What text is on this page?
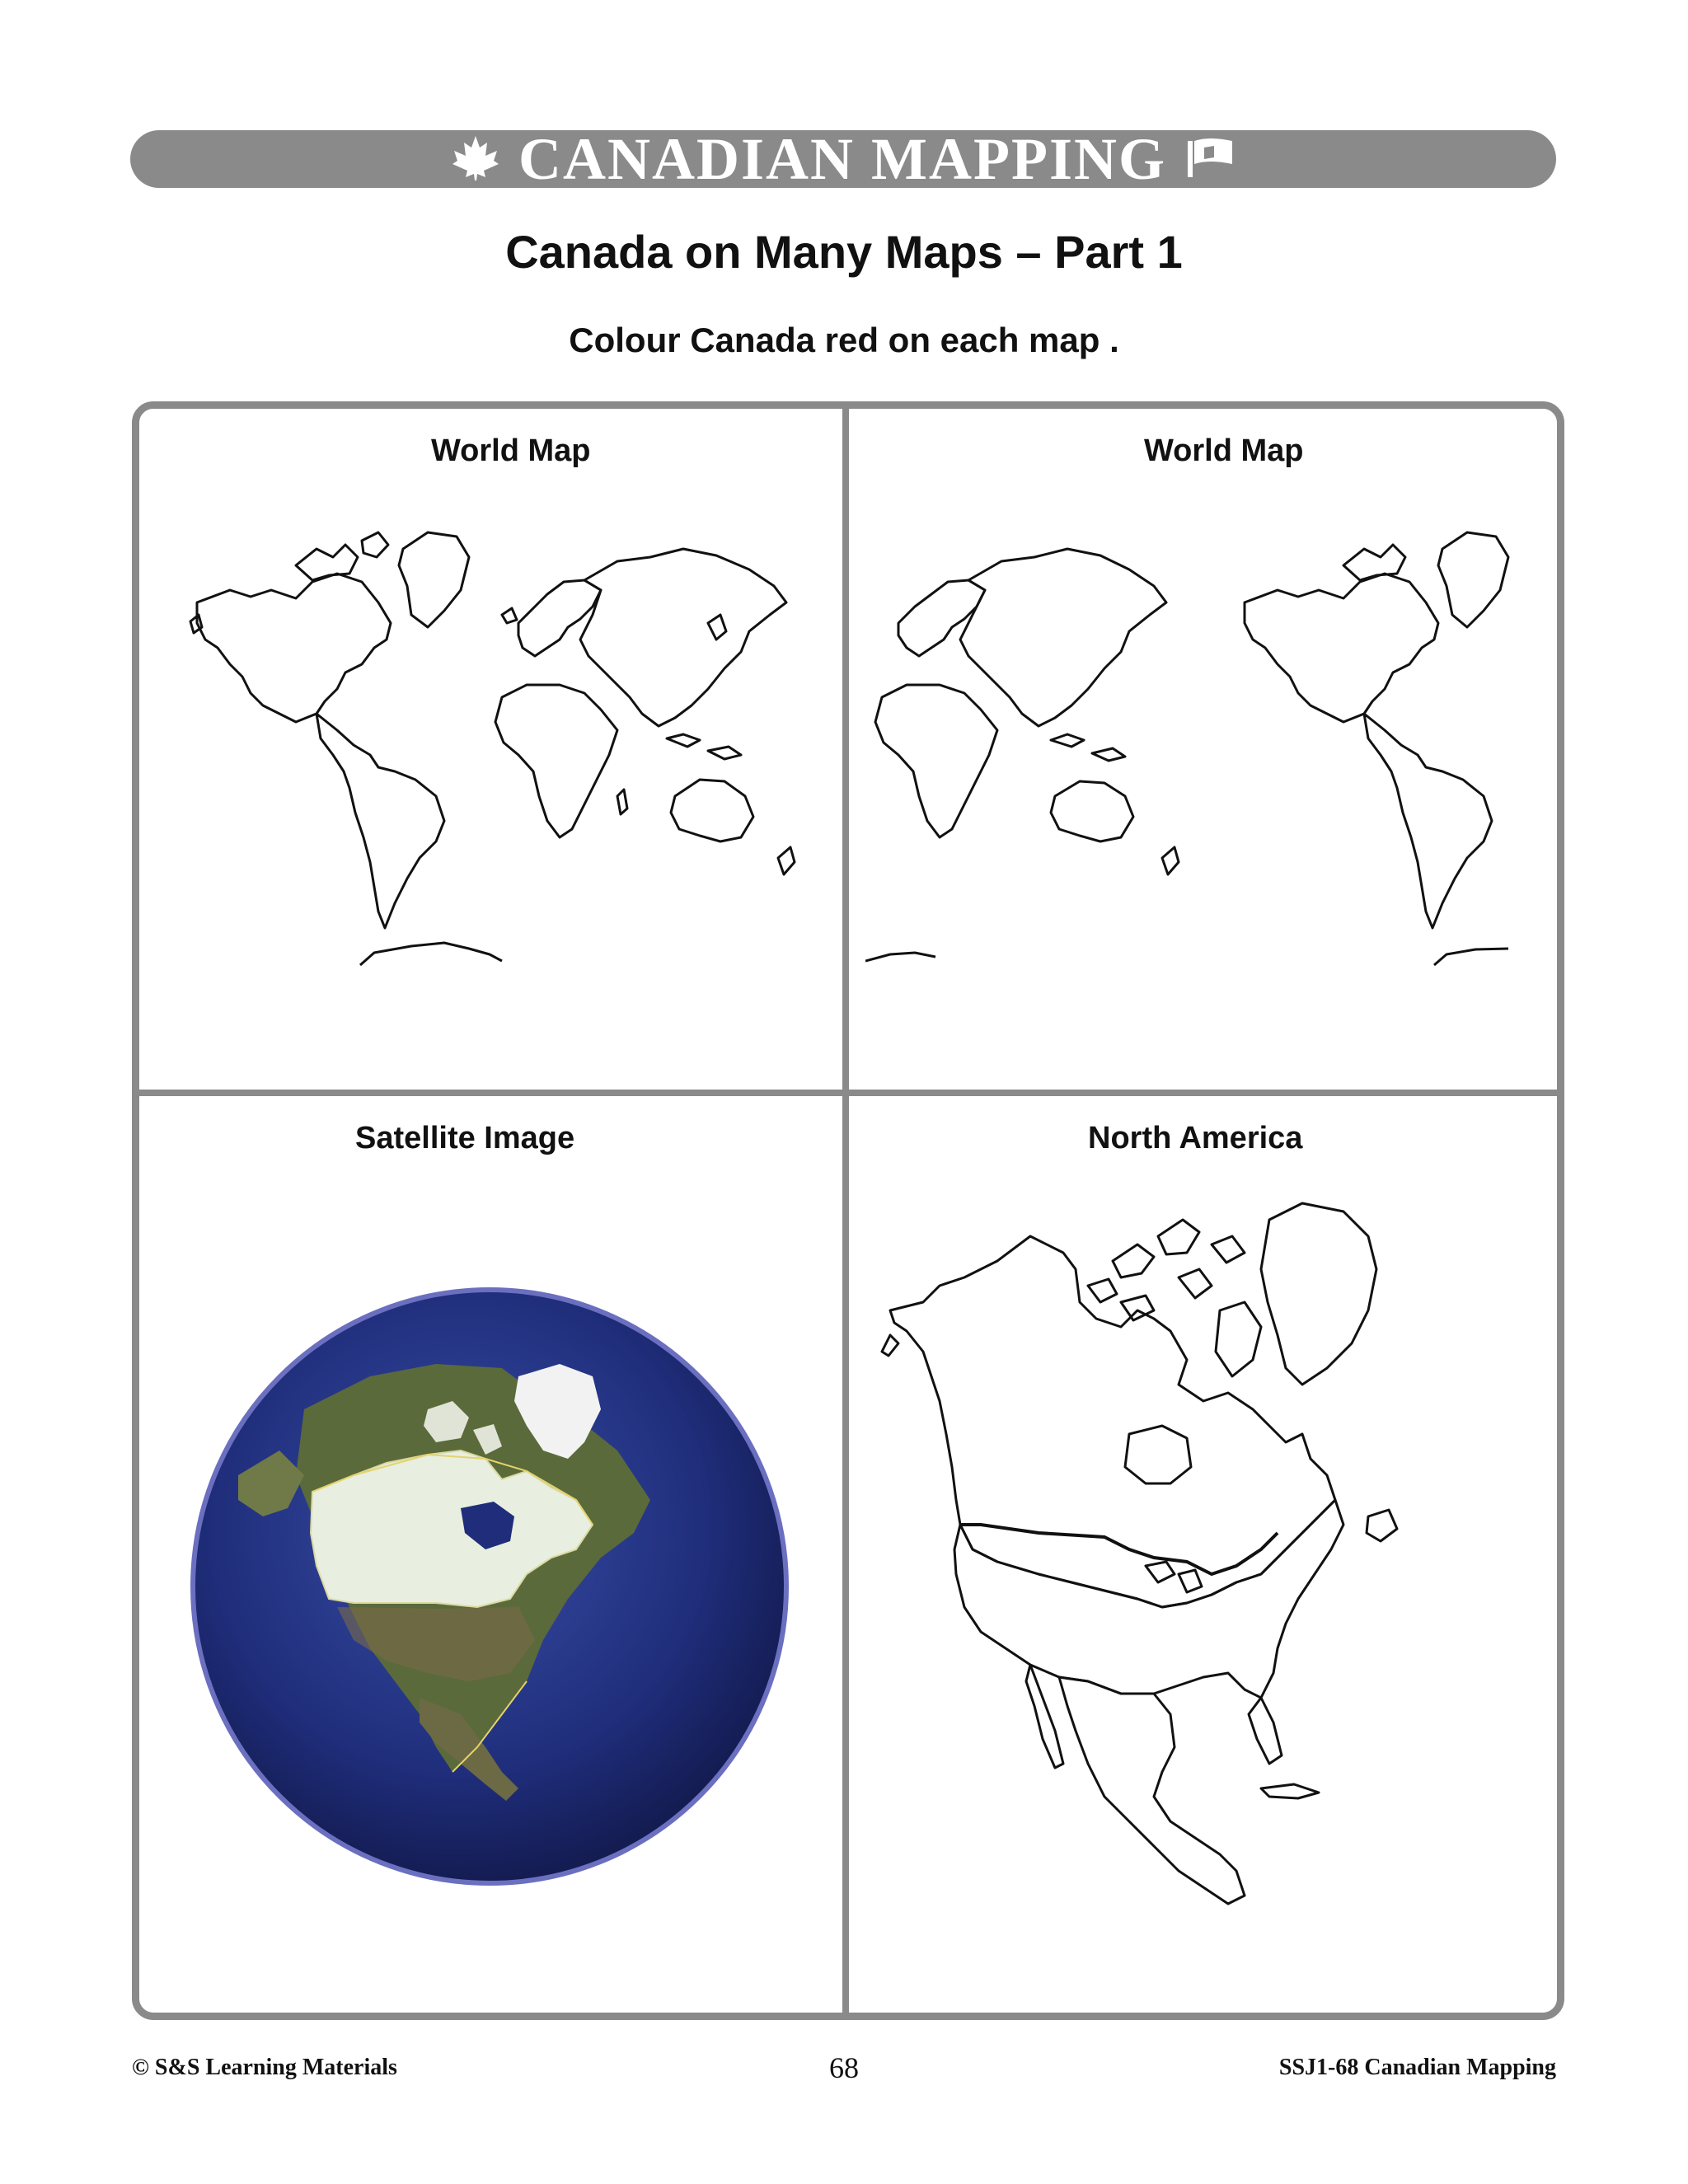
CANADIAN MAPPING
Canada on Many Maps – Part 1
Colour Canada red on each map .
World Map	World Map
Satellite Image	North America
© S&S Learning Materials	68	SSJ1-68 Canadian Mapping
